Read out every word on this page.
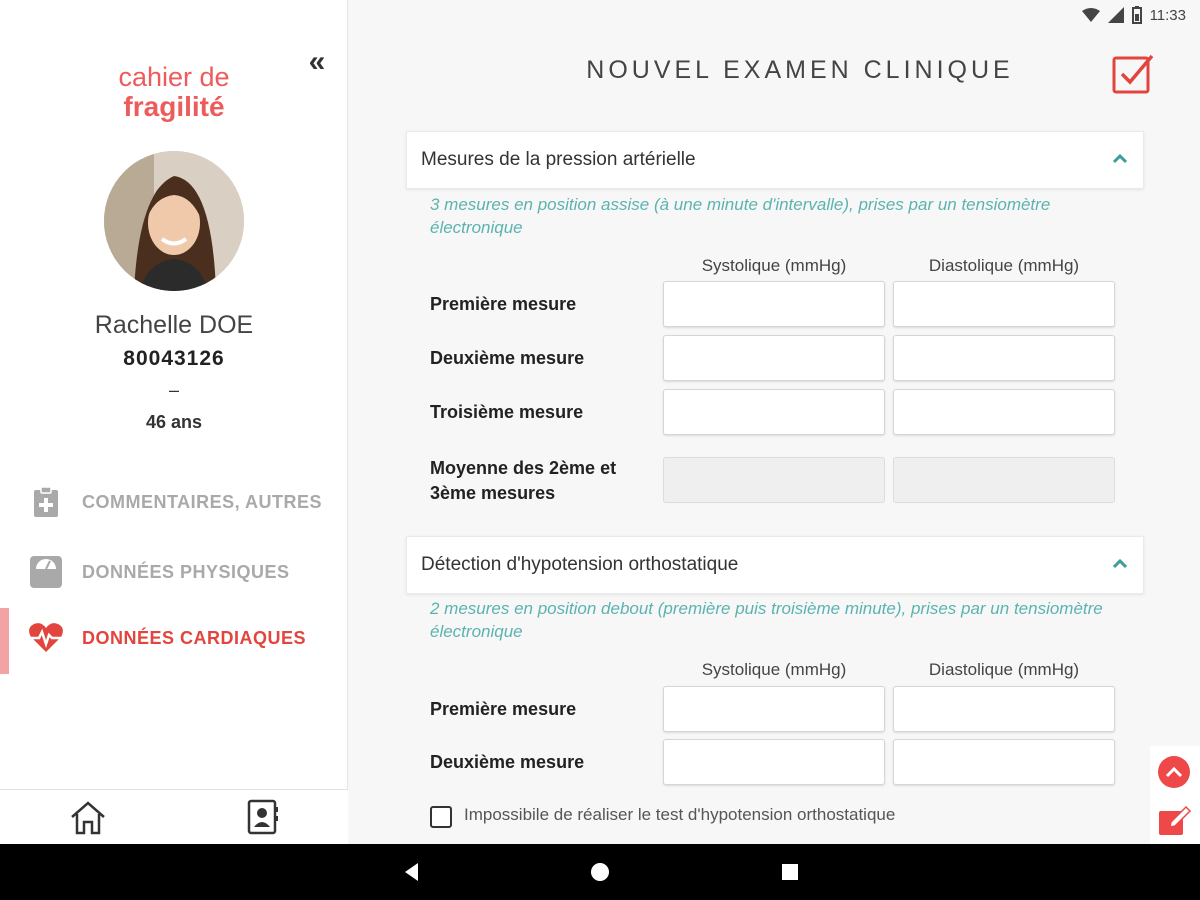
11:33
«
cahier de
fragilité
Rachelle DOE
80043126
–
46 ans
COMMENTAIRES, AUTRES
DONNÉES PHYSIQUES
DONNÉES CARDIAQUES
NOUVEL EXAMEN CLINIQUE
Mesures de la pression artérielle
3 mesures en position assise (à une minute d'intervalle), prises par un tensiomètre électronique
Systolique (mmHg)	Diastolique (mmHg)
Première mesure
Deuxième mesure
Troisième mesure
Moyenne des 2ème et 3ème mesures
Détection d'hypotension orthostatique
2 mesures en position debout (première puis troisième minute), prises par un tensiomètre électronique
Systolique (mmHg)	Diastolique (mmHg)
Première mesure
Deuxième mesure
Impossibile de réaliser le test d'hypotension orthostatique
